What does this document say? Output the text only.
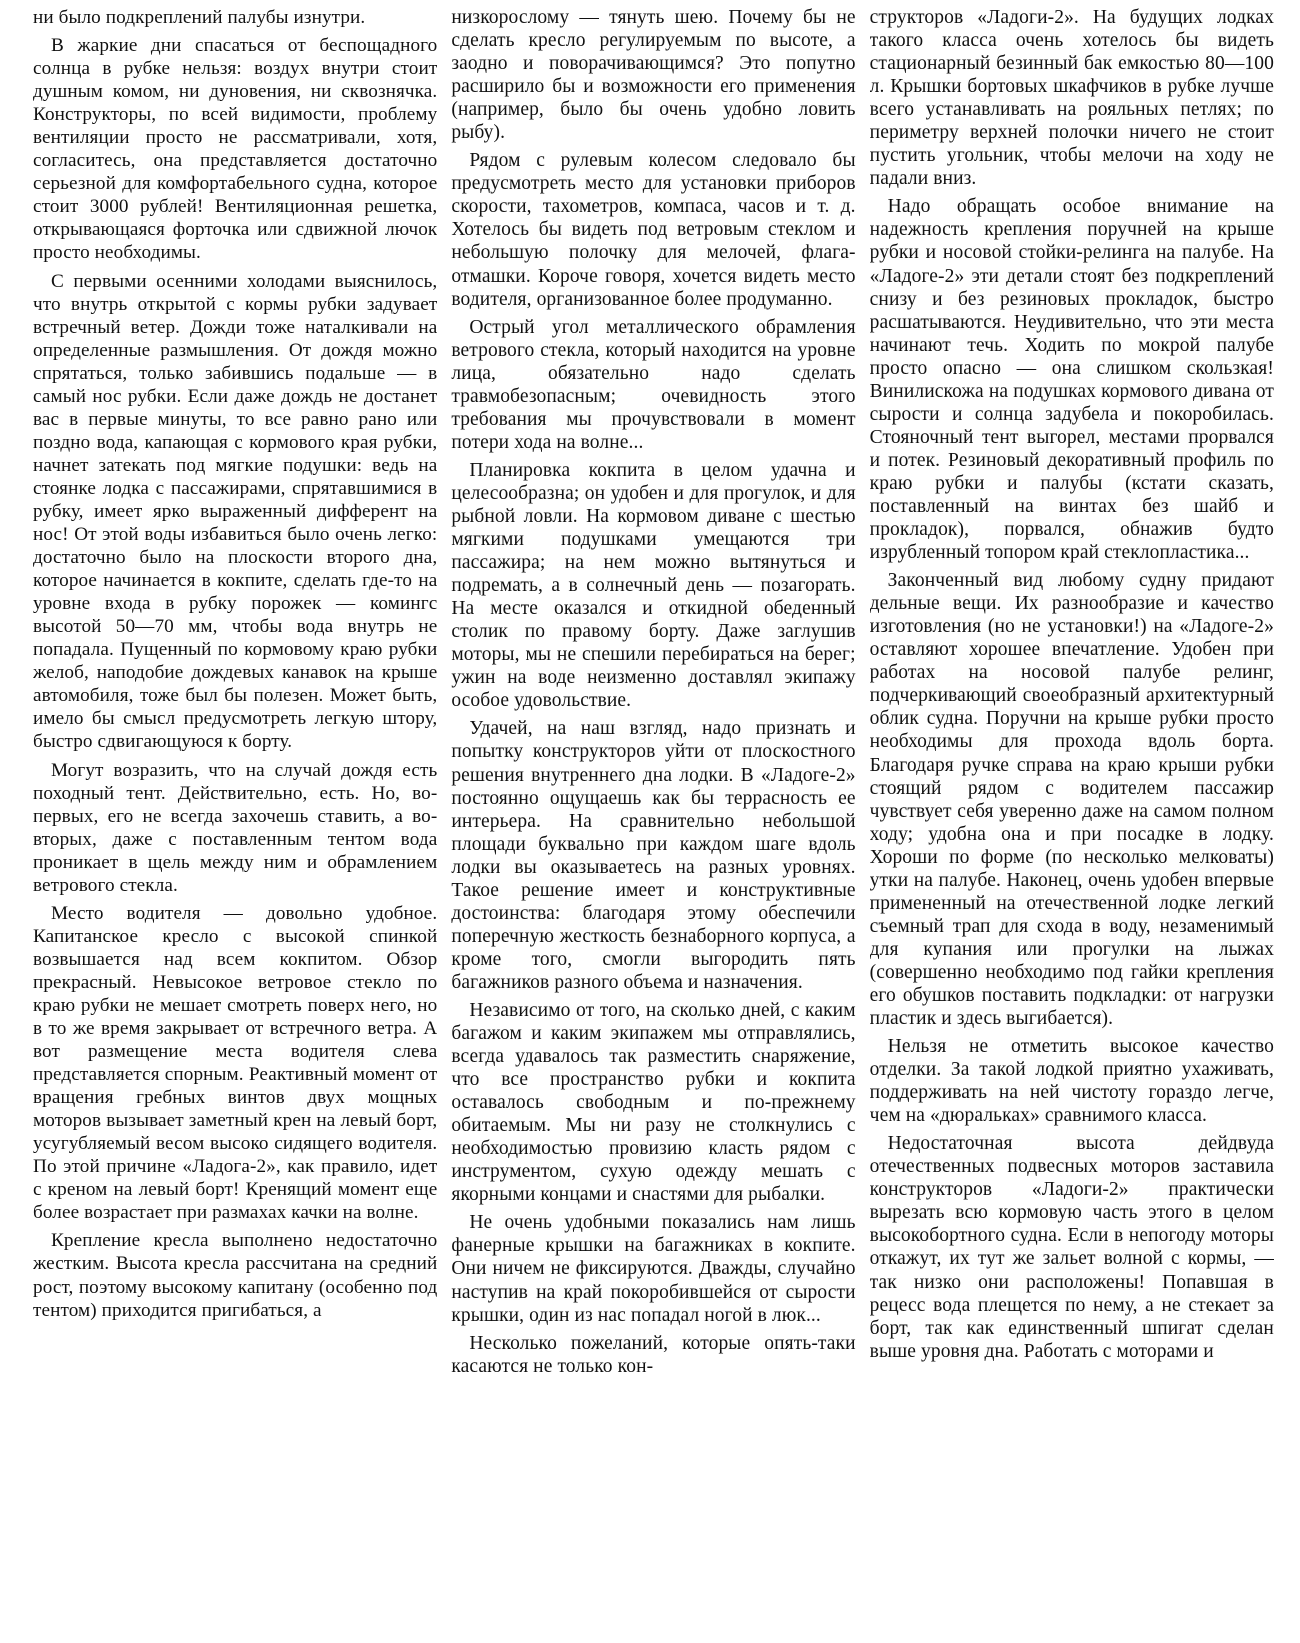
ни было подкреплений палубы изнутри.

В жаркие дни спасаться от беспощадного солнца в рубке нельзя: воздух внутри стоит душным комом, ни дуновения, ни сквознячка. Конструкторы, по всей видимости, проблему вентиляции просто не рассматривали, хотя, согласитесь, она представляется достаточно серьезной для комфортабельного судна, которое стоит 3000 рублей! Вентиляционная решетка, открывающаяся форточка или сдвижной лючок просто необходимы.

С первыми осенними холодами выяснилось, что внутрь открытой с кормы рубки задувает встречный ветер. Дожди тоже наталкивали на определенные размышления. От дождя можно спрятаться, только забившись подальше — в самый нос рубки. Если даже дождь не достанет вас в первые минуты, то все равно рано или поздно вода, капающая с кормового края рубки, начнет затекать под мягкие подушки: ведь на стоянке лодка с пассажирами, спрятавшимися в рубку, имеет ярко выраженный дифферент на нос! От этой воды избавиться было очень легко: достаточно было на плоскости второго дна, которое начинается в кокпите, сделать где-то на уровне входа в рубку порожек — комингс высотой 50—70 мм, чтобы вода внутрь не попадала. Пущенный по кормовому краю рубки желоб, наподобие дождевых канавок на крыше автомобиля, тоже был бы полезен. Может быть, имело бы смысл предусмотреть легкую штору, быстро сдвигающуюся к борту.

Могут возразить, что на случай дождя есть походный тент. Действительно, есть. Но, во-первых, его не всегда захочешь ставить, а во-вторых, даже с поставленным тентом вода проникает в щель между ним и обрамлением ветрового стекла.

Место водителя — довольно удобное. Капитанское кресло с высокой спинкой возвышается над всем кокпитом. Обзор прекрасный. Невысокое ветровое стекло по краю рубки не мешает смотреть поверх него, но в то же время закрывает от встречного ветра. А вот размещение места водителя слева представляется спорным. Реактивный момент от вращения гребных винтов двух мощных моторов вызывает заметный крен на левый борт, усугубляемый весом высоко сидящего водителя. По этой причине «Ладога-2», как правило, идет с креном на левый борт! Кренящий момент еще более возрастает при размахах качки на волне.

Крепление кресла выполнено недостаточно жестким. Высота кресла рассчитана на средний рост, поэтому высокому капитану (особенно под тентом) приходится пригибаться, а

низкорослому — тянуть шею. Почему бы не сделать кресло регулируемым по высоте, а заодно и поворачивающимся? Это попутно расширило бы и возможности его применения (например, было бы очень удобно ловить рыбу).

Рядом с рулевым колесом следовало бы предусмотреть место для установки приборов скорости, тахометров, компаса, часов и т. д. Хотелось бы видеть под ветровым стеклом и небольшую полочку для мелочей, флага-отмашки. Короче говоря, хочется видеть место водителя, организованное более продуманно.

Острый угол металлического обрамления ветрового стекла, который находится на уровне лица, обязательно надо сделать травмобезопасным; очевидность этого требования мы прочувствовали в момент потери хода на волне...

Планировка кокпита в целом удачна и целесообразна; он удобен и для прогулок, и для рыбной ловли. На кормовом диване с шестью мягкими подушками умещаются три пассажира; на нем можно вытянуться и подремать, а в солнечный день — позагорать. На месте оказался и откидной обеденный столик по правому борту. Даже заглушив моторы, мы не спешили перебираться на берег; ужин на воде неизменно доставлял экипажу особое удовольствие.

Удачей, на наш взгляд, надо признать и попытку конструкторов уйти от плоскостного решения внутреннего дна лодки. В «Ладоге-2» постоянно ощущаешь как бы террасность ее интерьера. На сравнительно небольшой площади буквально при каждом шаге вдоль лодки вы оказываетесь на разных уровнях. Такое решение имеет и конструктивные достоинства: благодаря этому обеспечили поперечную жесткость безнаборного корпуса, а кроме того, смогли выгородить пять багажников разного объема и назначения.

Независимо от того, на сколько дней, с каким багажом и каким экипажем мы отправлялись, всегда удавалось так разместить снаряжение, что все пространство рубки и кокпита оставалось свободным и по-прежнему обитаемым. Мы ни разу не столкнулись с необходимостью провизию класть рядом с инструментом, сухую одежду мешать с якорными концами и снастями для рыбалки.

Не очень удобными показались нам лишь фанерные крышки на багажниках в кокпите. Они ничем не фиксируются. Дважды, случайно наступив на край покоробившейся от сырости крышки, один из нас попадал ногой в люк...

Несколько пожеланий, которые опять-таки касаются не только кон-

структоров «Ладоги-2». На будущих лодках такого класса очень хотелось бы видеть стационарный безинный бак емкостью 80—100 л. Крышки бортовых шкафчиков в рубке лучше всего устанавливать на рояльных петлях; по периметру верхней полочки ничего не стоит пустить угольник, чтобы мелочи на ходу не падали вниз.

Надо обращать особое внимание на надежность крепления поручней на крыше рубки и носовой стойки-релинга на палубе. На «Ладоге-2» эти детали стоят без подкреплений снизу и без резиновых прокладок, быстро расшатываются. Неудивительно, что эти места начинают течь. Ходить по мокрой палубе просто опасно — она слишком скользкая! Винилискожа на подушках кормового дивана от сырости и солнца задубела и покоробилась. Стояночный тент выгорел, местами прорвался и потек. Резиновый декоративный профиль по краю рубки и палубы (кстати сказать, поставленный на винтах без шайб и прокладок), порвался, обнажив будто изрубленный топором край стеклопластика...

Законченный вид любому судну придают дельные вещи. Их разнообразие и качество изготовления (но не установки!) на «Ладоге-2» оставляют хорошее впечатление. Удобен при работах на носовой палубе релинг, подчеркивающий своеобразный архитектурный облик судна. Поручни на крыше рубки просто необходимы для прохода вдоль борта. Благодаря ручке справа на краю крыши рубки стоящий рядом с водителем пассажир чувствует себя уверенно даже на самом полном ходу; удобна она и при посадке в лодку. Хороши по форме (по несколько мелковаты) утки на палубе. Наконец, очень удобен впервые примененный на отечественной лодке легкий съемный трап для схода в воду, незаменимый для купания или прогулки на лыжах (совершенно необходимо под гайки крепления его обушков поставить подкладки: от нагрузки пластик и здесь выгибается).

Нельзя не отметить высокое качество отделки. За такой лодкой приятно ухаживать, поддерживать на ней чистоту гораздо легче, чем на «дюральках» сравнимого класса.

Недостаточная высота дейдвуда отечественных подвесных моторов заставила конструкторов «Ладоги-2» практически вырезать всю кормовую часть этого в целом высокобортного судна. Если в непогоду моторы откажут, их тут же зальет волной с кормы, — так низко они расположены! Попавшая в рецесс вода плещется по нему, а не стекает за борт, так как единственный шпигат сделан выше уровня дна. Работать с моторами и
